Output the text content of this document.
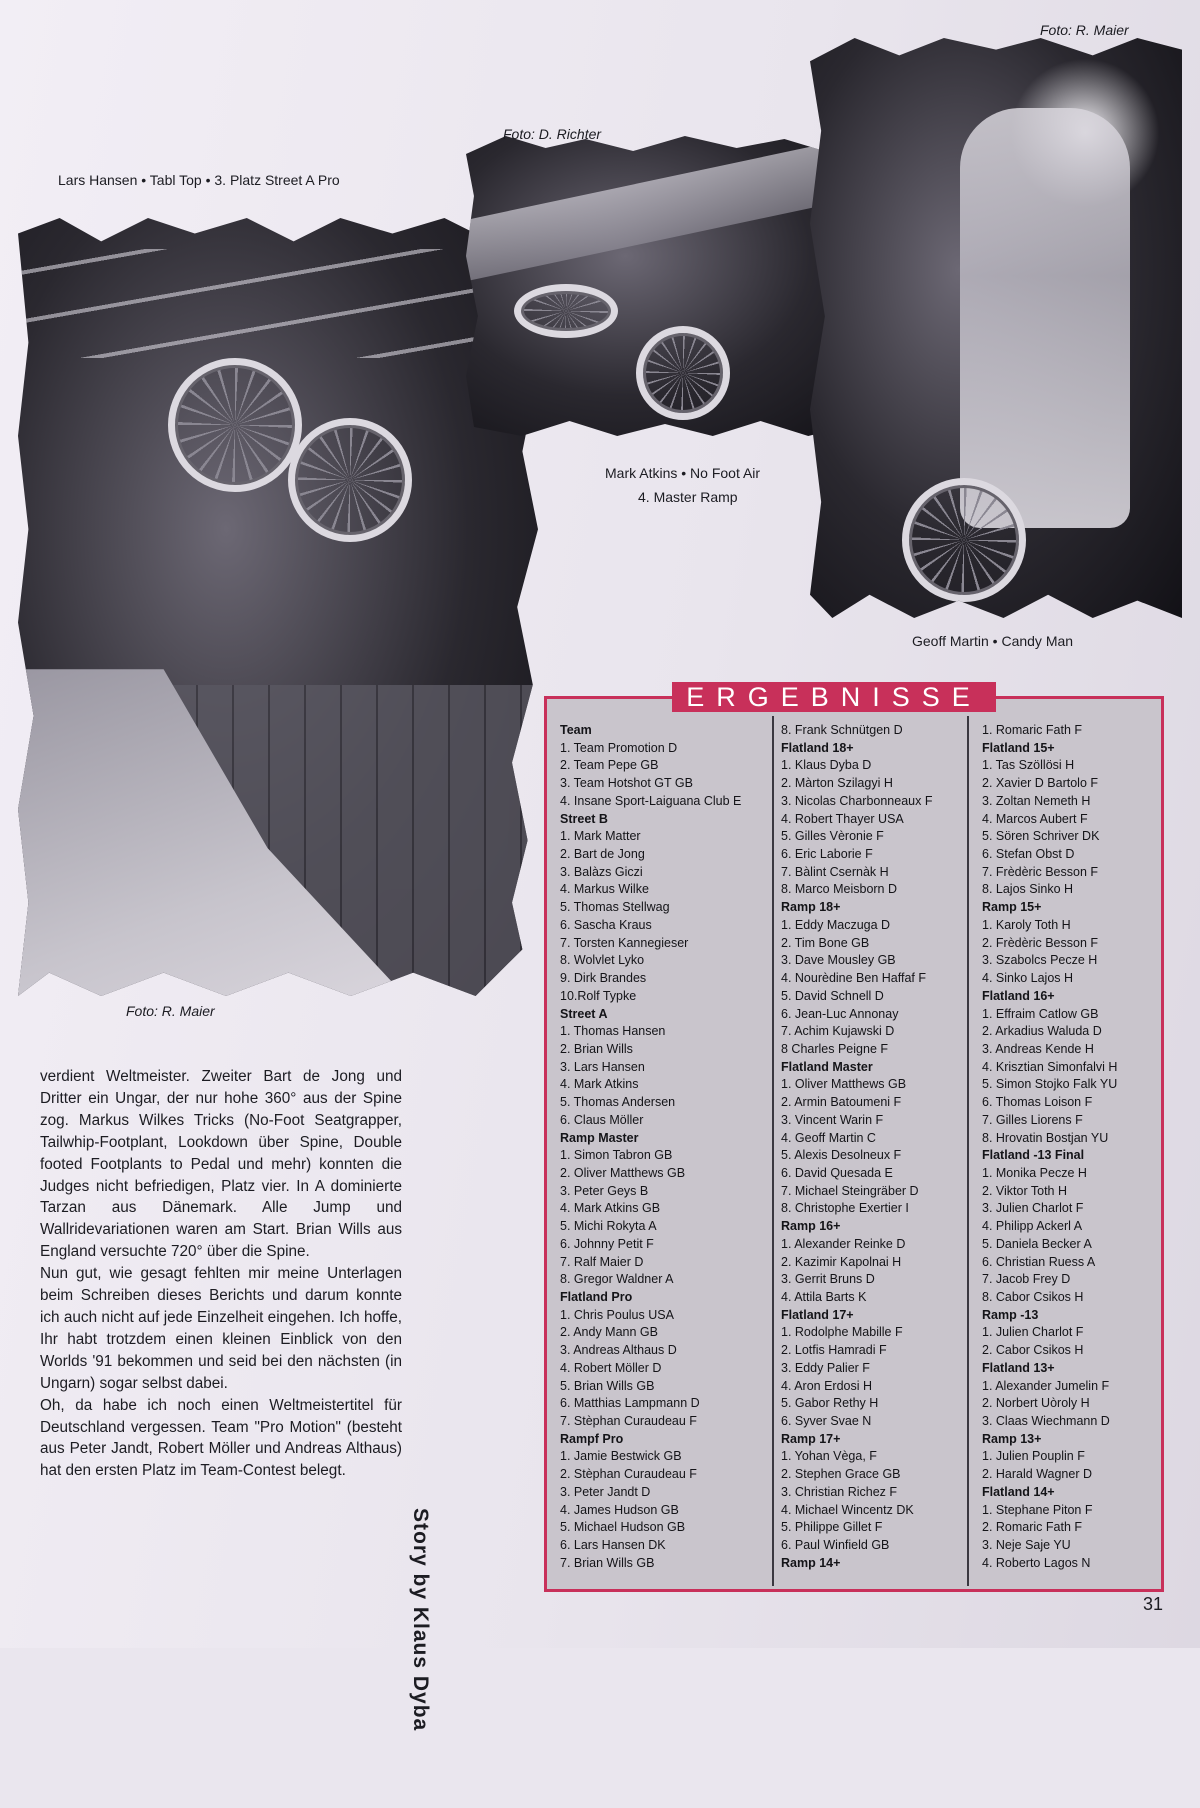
Lars Hansen • Tabl Top • 3. Platz Street A Pro
Foto: R. Maier
Foto: D. Richter
Mark Atkins • No Foot Air
4. Master Ramp
Foto: R. Maier
Geoff Martin • Candy Man

verdient Weltmeister. Zweiter Bart de Jong und Dritter ein Ungar, der nur hohe 360° aus der Spine zog. Markus Wilkes Tricks (No-Foot Seatgrapper, Tailwhip-Footplant, Lookdown über Spine, Double footed Footplants to Pedal und mehr) konnten die Judges nicht befriedigen, Platz vier. In A dominierte Tarzan aus Dänemark. Alle Jump und Wallridevariationen waren am Start. Brian Wills aus England versuchte 720° über die Spine.

Nun gut, wie gesagt fehlten mir meine Unterlagen beim Schreiben dieses Berichts und darum konnte ich auch nicht auf jede Einzelheit eingehen. Ich hoffe, Ihr habt trotzdem einen kleinen Einblick von den Worlds '91 bekommen und seid bei den nächsten (in Ungarn) sogar selbst dabei.

Oh, da habe ich noch einen Weltmeistertitel für Deutschland vergessen. Team "Pro Motion" (besteht aus Peter Jandt, Robert Möller und Andreas Althaus) hat den ersten Platz im Team-Contest belegt.

Story by Klaus Dyba
ERGEBNISSE
Team
1. Team Promotion D
2. Team Pepe GB
3. Team Hotshot GT GB
4. Insane Sport-Laiguana Club E
Street B
1. Mark Matter
2. Bart de Jong
3. Balàzs Giczi
4. Markus Wilke
5. Thomas Stellwag
6. Sascha Kraus
7. Torsten Kannegieser
8. Wolvlet Lyko
9. Dirk Brandes
10.Rolf Typke
Street A
1. Thomas Hansen
2. Brian Wills
3. Lars Hansen
4. Mark Atkins
5. Thomas Andersen
6. Claus Möller
Ramp Master
1. Simon Tabron GB
2. Oliver Matthews GB
3. Peter Geys B
4. Mark Atkins GB
5. Michi Rokyta A
6. Johnny Petit F
7. Ralf Maier D
8. Gregor Waldner A
Flatland Pro
1. Chris Poulus USA
2. Andy Mann GB
3. Andreas Althaus D
4. Robert Möller D
5. Brian Wills GB
6. Matthias Lampmann D
7. Stèphan Curaudeau F
Rampf Pro
1. Jamie Bestwick GB
2. Stèphan Curaudeau F
3. Peter Jandt D
4. James Hudson GB
5. Michael Hudson GB
6. Lars Hansen DK
7. Brian Wills GB
8. Frank Schnütgen D
Flatland 18+
1. Klaus Dyba D
2. Màrton Szilagyi H
3. Nicolas Charbonneaux F
4. Robert Thayer USA
5. Gilles Vèronie F
6. Eric Laborie F
7. Bàlint Csernàk H
8. Marco Meisborn D
Ramp 18+
1. Eddy Maczuga D
2. Tim Bone GB
3. Dave Mousley GB
4. Nourèdine Ben Haffaf F
5. David Schnell D
6. Jean-Luc Annonay
7. Achim Kujawski D
8 Charles Peigne F
Flatland Master
1. Oliver Matthews GB
2. Armin Batoumeni F
3. Vincent Warin F
4. Geoff Martin C
5. Alexis Desolneux F
6. David Quesada E
7. Michael Steingräber D
8. Christophe Exertier I
Ramp 16+
1. Alexander Reinke D
2. Kazimir Kapolnai H
3. Gerrit Bruns D
4. Attila Barts K
Flatland 17+
1. Rodolphe Mabille F
2. Lotfis Hamradi F
3. Eddy Palier F
4. Aron Erdosi H
5. Gabor Rethy H
6. Syver Svae N
Ramp 17+
1. Yohan Vèga, F
2. Stephen Grace GB
3. Christian Richez F
4. Michael Wincentz DK
5. Philippe Gillet F
6. Paul Winfield GB
Ramp 14+
1. Romaric Fath F
Flatland 15+
1. Tas Szöllösi H
2. Xavier D Bartolo F
3. Zoltan Nemeth H
4. Marcos Aubert F
5. Sören Schriver DK
6. Stefan Obst D
7. Frèdèric Besson F
8. Lajos Sinko H
Ramp 15+
1. Karoly Toth H
2. Frèdèric Besson F
3. Szabolcs Pecze H
4. Sinko Lajos H
Flatland 16+
1. Effraim Catlow GB
2. Arkadius Waluda D
3. Andreas Kende H
4. Krisztian Simonfalvi H
5. Simon Stojko Falk YU
6. Thomas Loison F
7. Gilles Liorens F
8. Hrovatin Bostjan YU
Flatland -13 Final
1. Monika Pecze H
2. Viktor Toth H
3. Julien Charlot F
4. Philipp Ackerl A
5. Daniela Becker A
6. Christian Ruess A
7. Jacob Frey D
8. Cabor Csikos H
Ramp -13
1. Julien Charlot F
2. Cabor Csikos H
Flatland 13+
1. Alexander Jumelin F
2. Norbert Uòroly H
3. Claas Wiechmann D
Ramp 13+
1. Julien Pouplin F
2. Harald Wagner D
Flatland 14+
1. Stephane Piton F
2. Romaric Fath F
3. Neje Saje YU
4. Roberto Lagos N
31
